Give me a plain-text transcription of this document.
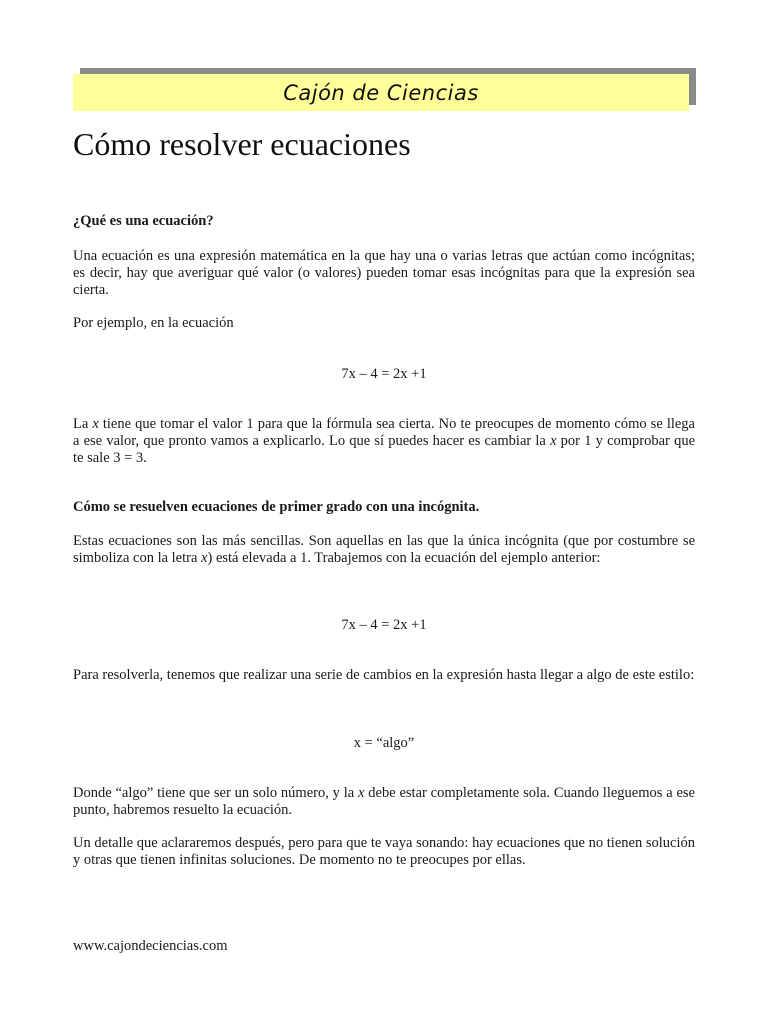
Cajón de Ciencias
Cómo resolver ecuaciones

¿Qué es una ecuación?

Una ecuación es una expresión matemática en la que hay una o varias letras que actúan como incógnitas; es decir, hay que averiguar qué valor (o valores) pueden tomar esas incógnitas para que la expresión sea cierta.

Por ejemplo, en la ecuación

7x – 4 = 2x +1

La x tiene que tomar el valor 1 para que la fórmula sea cierta. No te preocupes de momento cómo se llega a ese valor, que pronto vamos a explicarlo. Lo que sí puedes hacer es cambiar la x por 1 y comprobar que te sale 3 = 3.

Cómo se resuelven ecuaciones de primer grado con una incógnita.

Estas ecuaciones son las más sencillas. Son aquellas en las que la única incógnita (que por costumbre se simboliza con la letra x) está elevada a 1. Trabajemos con la ecuación del ejemplo anterior:

7x – 4 = 2x +1

Para resolverla, tenemos que realizar una serie de cambios en la expresión hasta llegar a algo de este estilo:

x = “algo”

Donde “algo” tiene que ser un solo número, y la x debe estar completamente sola. Cuando lleguemos a ese punto, habremos resuelto la ecuación.

Un detalle que aclararemos después, pero para que te vaya sonando: hay ecuaciones que no tienen solución y otras que tienen infinitas soluciones. De momento no te preocupes por ellas.

www.cajondeciencias.com
